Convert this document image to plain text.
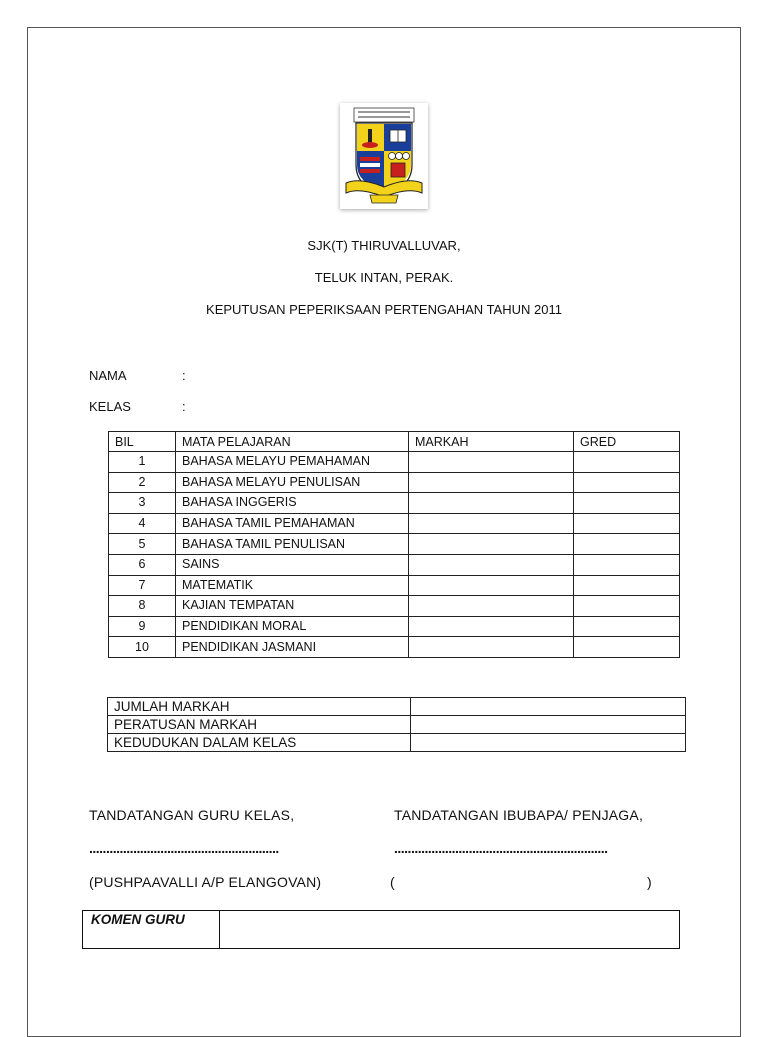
SJK(T) THIRUVALLUVAR,
TELUK INTAN, PERAK.
KEPUTUSAN PEPERIKSAAN PERTENGAHAN TAHUN 2011
NAMA	:
KELAS	:
BIL	MATA PELAJARAN	MARKAH	GRED
1	BAHASA MELAYU PEMAHAMAN		
2	BAHASA MELAYU PENULISAN		
3	BAHASA INGGERIS		
4	BAHASA TAMIL PEMAHAMAN		
5	BAHASA TAMIL PENULISAN		
6	SAINS		
7	MATEMATIK		
8	KAJIAN TEMPATAN		
9	PENDIDIKAN MORAL		
10	PENDIDIKAN JASMANI		
JUMLAH MARKAH	
PERATUSAN MARKAH	
KEDUDUKAN DALAM KELAS	
TANDATANGAN GURU KELAS,	TANDATANGAN IBUBAPA/ PENJAGA,
........................................................	...............................................................
(PUSHPAAVALLI A/P ELANGOVAN)	(	)
KOMEN GURU	
